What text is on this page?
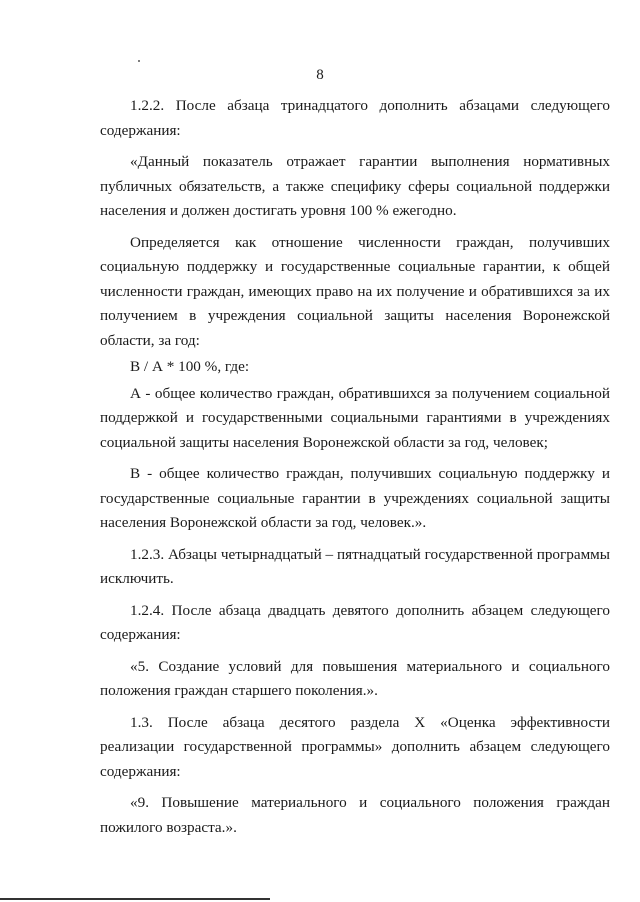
8

1.2.2. После абзаца тринадцатого дополнить абзацами следующего содержания:

«Данный показатель отражает гарантии выполнения нормативных публичных обязательств, а также специфику сферы социальной поддержки населения и должен достигать уровня 100 % ежегодно.

Определяется как отношение численности граждан, получивших социальную поддержку и государственные социальные гарантии, к общей численности граждан, имеющих право на их получение и обратившихся за их получением в учреждения социальной защиты населения Воронежской области, за год:

В / А * 100 %, где:

А - общее количество граждан, обратившихся за получением социальной поддержкой и государственными социальными гарантиями в учреждениях социальной защиты населения Воронежской области за год, человек;

В - общее количество граждан, получивших социальную поддержку и государственные социальные гарантии в учреждениях социальной защиты населения Воронежской области за год, человек.».

1.2.3. Абзацы четырнадцатый – пятнадцатый государственной программы исключить.

1.2.4. После абзаца двадцать девятого дополнить абзацем следующего содержания:

«5. Создание условий для повышения материального и социального положения граждан старшего поколения.».

1.3. После абзаца десятого раздела X «Оценка эффективности реализации государственной программы» дополнить абзацем следующего содержания:

«9. Повышение материального и социального положения граждан пожилого возраста.».
